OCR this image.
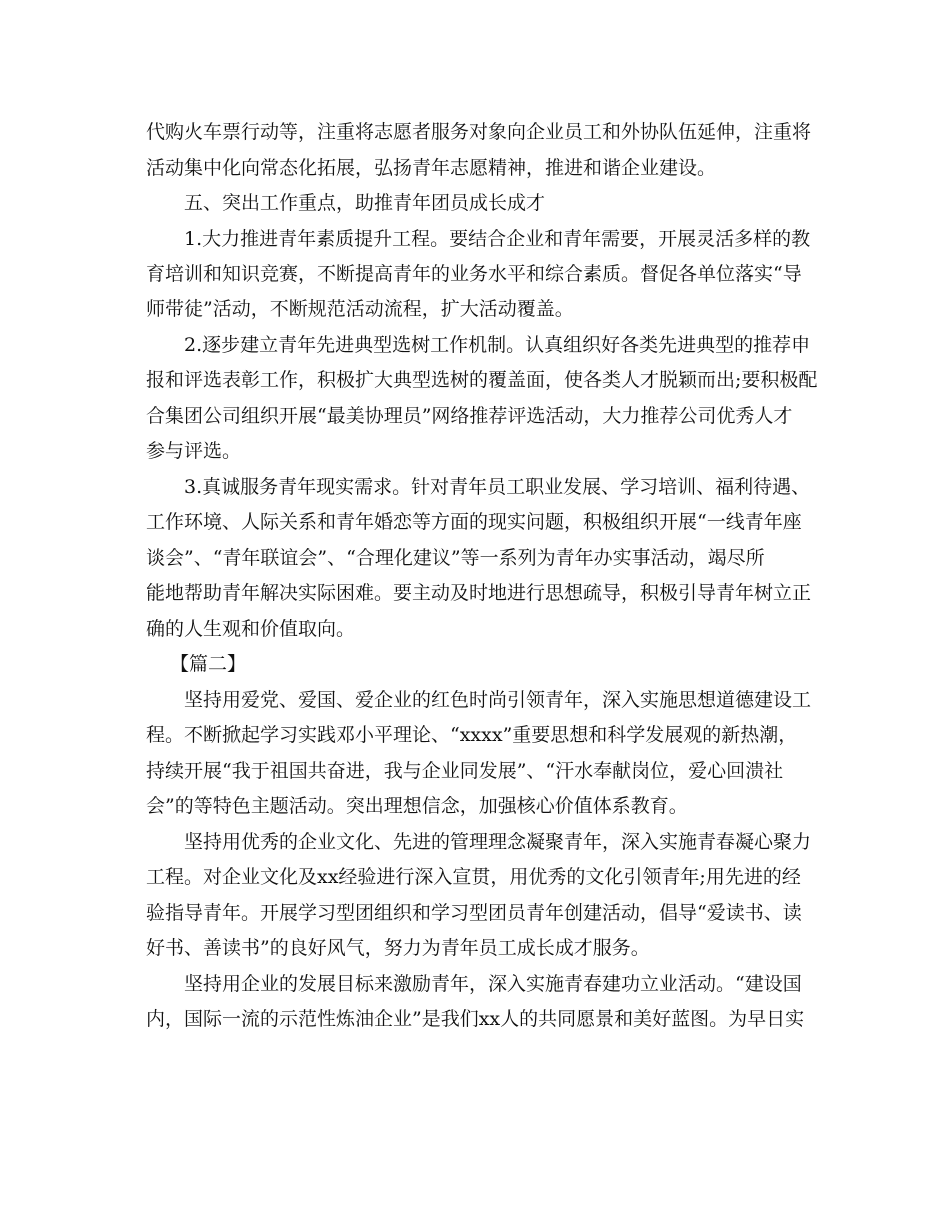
代购火车票行动等，注重将志愿者服务对象向企业员工和外协队伍延伸，注重将
活动集中化向常态化拓展，弘扬青年志愿精神，推进和谐企业建设。
五、突出工作重点，助推青年团员成长成才
1.大力推进青年素质提升工程。要结合企业和青年需要，开展灵活多样的教
育培训和知识竞赛，不断提高青年的业务水平和综合素质。督促各单位落实“导
师带徒”活动，不断规范活动流程，扩大活动覆盖。
2.逐步建立青年先进典型选树工作机制。认真组织好各类先进典型的推荐申
报和评选表彰工作，积极扩大典型选树的覆盖面，使各类人才脱颖而出;要积极配
合集团公司组织开展“最美协理员”网络推荐评选活动，大力推荐公司优秀人才
参与评选。
3.真诚服务青年现实需求。针对青年员工职业发展、学习培训、福利待遇、
工作环境、人际关系和青年婚恋等方面的现实问题，积极组织开展“一线青年座
谈会”、“青年联谊会”、“合理化建议”等一系列为青年办实事活动，竭尽所
能地帮助青年解决实际困难。要主动及时地进行思想疏导，积极引导青年树立正
确的人生观和价值取向。
【篇二】
坚持用爱党、爱国、爱企业的红色时尚引领青年，深入实施思想道德建设工
程。不断掀起学习实践邓小平理论、“xxxx”重要思想和科学发展观的新热潮，
持续开展“我于祖国共奋进，我与企业同发展”、“汗水奉献岗位，爱心回溃社
会”的等特色主题活动。突出理想信念，加强核心价值体系教育。
坚持用优秀的企业文化、先进的管理理念凝聚青年，深入实施青春凝心聚力
工程。对企业文化及xx经验进行深入宣贯，用优秀的文化引领青年;用先进的经
验指导青年。开展学习型团组织和学习型团员青年创建活动，倡导“爱读书、读
好书、善读书”的良好风气，努力为青年员工成长成才服务。
坚持用企业的发展目标来激励青年，深入实施青春建功立业活动。“建设国
内，国际一流的示范性炼油企业”是我们xx人的共同愿景和美好蓝图。为早日实
